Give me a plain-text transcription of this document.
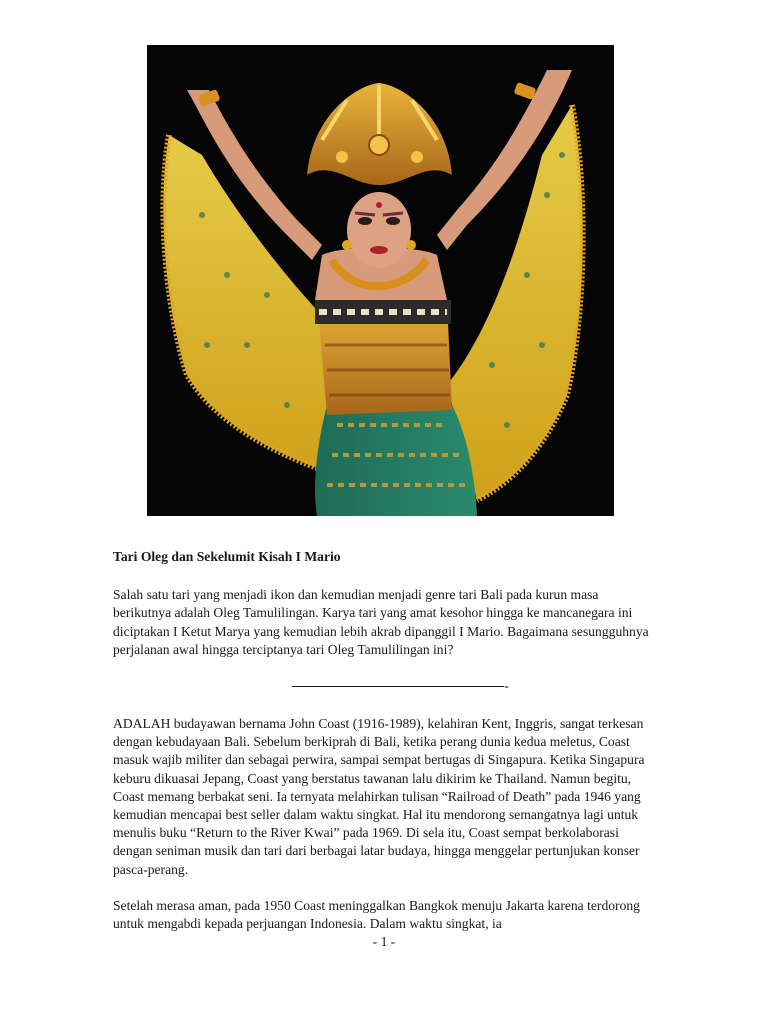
Tari Oleg dan Sekelumit Kisah I Mario

Salah satu tari yang menjadi ikon dan kemudian menjadi genre tari Bali pada kurun masa berikutnya adalah Oleg Tamulilingan. Karya tari yang amat kesohor hingga ke mancanegara ini diciptakan I Ketut Marya yang kemudian lebih akrab dipanggil I Mario. Bagaimana sesungguhnya perjalanan awal hingga terciptanya tari Oleg Tamulilingan ini?

-

ADALAH budayawan bernama John Coast (1916-1989), kelahiran Kent, Inggris, sangat terkesan dengan kebudayaan Bali. Sebelum berkiprah di Bali, ketika perang dunia kedua meletus, Coast masuk wajib militer dan sebagai perwira, sampai sempat bertugas di Singapura. Ketika Singapura keburu dikuasai Jepang, Coast yang berstatus tawanan lalu dikirim ke Thailand. Namun begitu, Coast memang berbakat seni. Ia ternyata melahirkan tulisan “Railroad of Death” pada 1946 yang kemudian mencapai best seller dalam waktu singkat. Hal itu mendorong semangatnya lagi untuk menulis buku “Return to the River Kwai” pada 1969. Di sela itu, Coast sempat berkolaborasi dengan seniman musik dan tari dari berbagai latar budaya, hingga menggelar pertunjukan konser pasca-perang.

Setelah merasa aman, pada 1950 Coast meninggalkan Bangkok menuju Jakarta karena terdorong untuk mengabdi kepada perjuangan Indonesia. Dalam waktu singkat, ia

- 1 -
